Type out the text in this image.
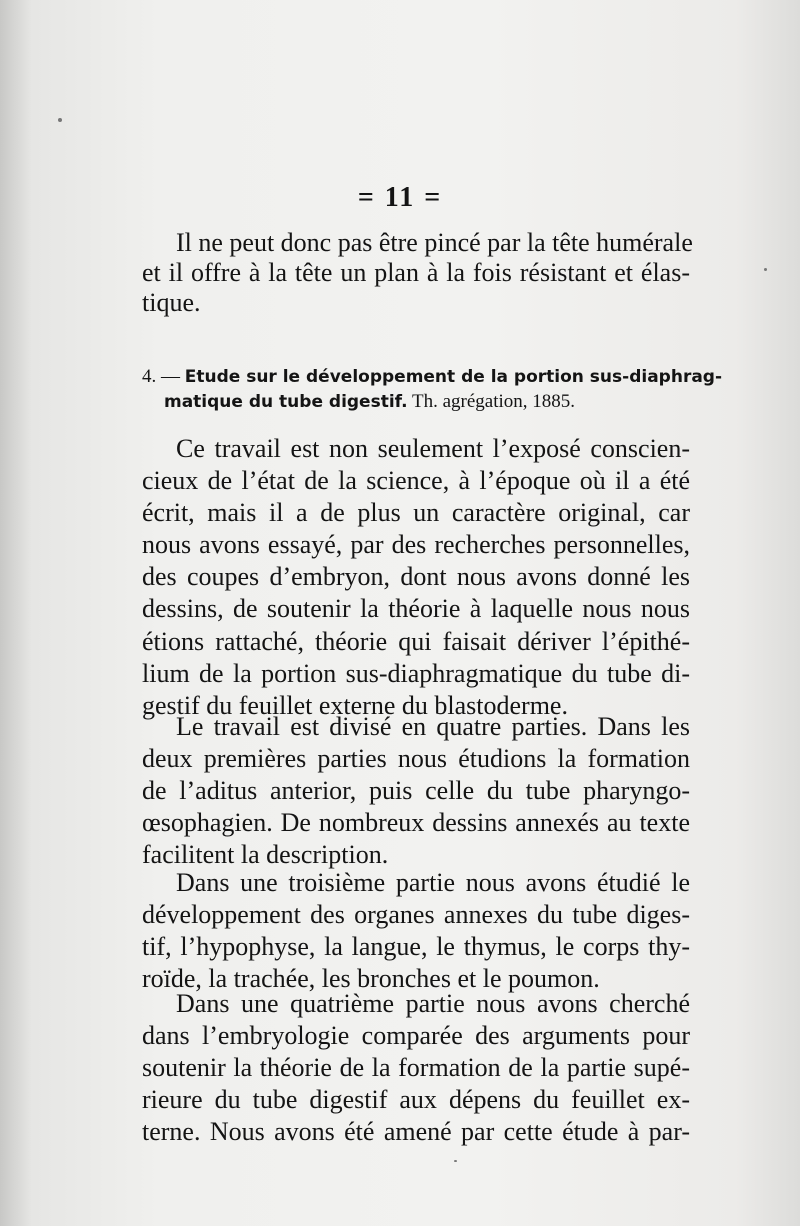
= 11 =
Il ne peut donc pas être pincé par la tête humérale
et il offre à la tête un plan à la fois résistant et élas-
tique.
4. — Etude sur le développement de la portion sus-diaphrag-
matique du tube digestif. Th. agrégation, 1885.
Ce travail est non seulement l’exposé conscien-
cieux de l’état de la science, à l’époque où il a été
écrit, mais il a de plus un caractère original, car
nous avons essayé, par des recherches personnelles,
des coupes d’embryon, dont nous avons donné les
dessins, de soutenir la théorie à laquelle nous nous
étions rattaché, théorie qui faisait dériver l’épithé-
lium de la portion sus-diaphragmatique du tube di-
gestif du feuillet externe du blastoderme.
Le travail est divisé en quatre parties. Dans les
deux premières parties nous étudions la formation
de l’aditus anterior, puis celle du tube pharyngo-
œsophagien. De nombreux dessins annexés au texte
facilitent la description.
Dans une troisième partie nous avons étudié le
développement des organes annexes du tube diges-
tif, l’hypophyse, la langue, le thymus, le corps thy-
roïde, la trachée, les bronches et le poumon.
Dans une quatrième partie nous avons cherché
dans l’embryologie comparée des arguments pour
soutenir la théorie de la formation de la partie supé-
rieure du tube digestif aux dépens du feuillet ex-
terne. Nous avons été amené par cette étude à par-
